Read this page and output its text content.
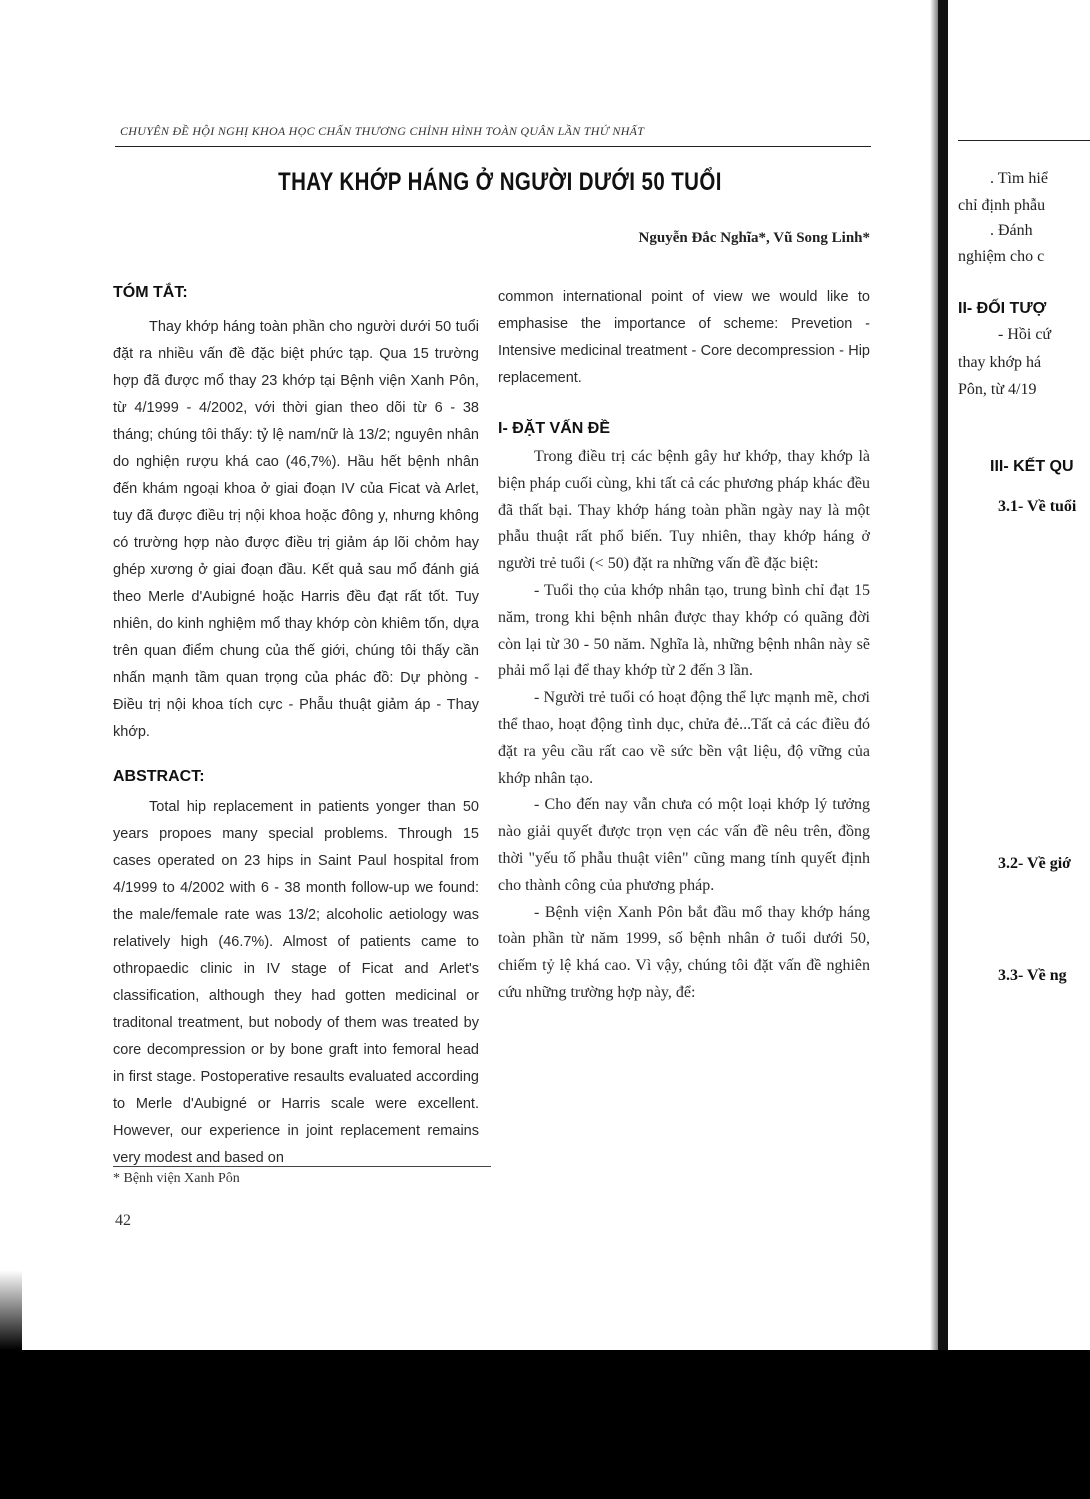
CHUYÊN ĐỀ HỘI NGHỊ KHOA HỌC CHẤN THƯƠNG CHỈNH HÌNH TOÀN QUÂN LẦN THỨ NHẤT
THAY KHỚP HÁNG Ở NGƯỜI DƯỚI 50 TUỔI
Nguyễn Đắc Nghĩa*, Vũ Song Linh*
TÓM TẮT:

Thay khớp háng toàn phần cho người dưới 50 tuổi đặt ra nhiều vấn đề đặc biệt phức tạp. Qua 15 trường hợp đã được mổ thay 23 khớp tại Bệnh viện Xanh Pôn, từ 4/1999 - 4/2002, với thời gian theo dõi từ 6 - 38 tháng; chúng tôi thấy: tỷ lệ nam/nữ là 13/2; nguyên nhân do nghiện rượu khá cao (46,7%). Hầu hết bệnh nhân đến khám ngoại khoa ở giai đoạn IV của Ficat và Arlet, tuy đã được điều trị nội khoa hoặc đông y, nhưng không có trường hợp nào được điều trị giảm áp lõi chỏm hay ghép xương ở giai đoạn đầu. Kết quả sau mổ đánh giá theo Merle d'Aubigné hoặc Harris đều đạt rất tốt. Tuy nhiên, do kinh nghiệm mổ thay khớp còn khiêm tốn, dựa trên quan điểm chung của thế giới, chúng tôi thấy cần nhấn mạnh tầm quan trọng của phác đồ: Dự phòng - Điều trị nội khoa tích cực - Phẫu thuật giảm áp - Thay khớp.

ABSTRACT:

Total hip replacement in patients yonger than 50 years propoes many special problems. Through 15 cases operated on 23 hips in Saint Paul hospital from 4/1999 to 4/2002 with 6 - 38 month follow-up we found: the male/female rate was 13/2; alcoholic aetiology was relatively high (46.7%). Almost of patients came to othropaedic clinic in IV stage of Ficat and Arlet's classification, although they had gotten medicinal or traditonal treatment, but nobody of them was treated by core decompression or by bone graft into femoral head in first stage. Postoperative resaults evaluated according to Merle d'Aubigné or Harris scale were excellent. However, our experience in joint replacement remains very modest and based on

* Bệnh viện Xanh Pôn
42

common international point of view we would like to emphasise the importance of scheme: Prevetion - Intensive medicinal treatment - Core decompression - Hip replacement.

I- ĐẶT VẤN ĐỀ

Trong điều trị các bệnh gây hư khớp, thay khớp là biện pháp cuối cùng, khi tất cả các phương pháp khác đều đã thất bại. Thay khớp háng toàn phần ngày nay là một phẫu thuật rất phổ biến. Tuy nhiên, thay khớp háng ở người trẻ tuổi (< 50) đặt ra những vấn đề đặc biệt:

- Tuổi thọ của khớp nhân tạo, trung bình chỉ đạt 15 năm, trong khi bệnh nhân được thay khớp có quãng đời còn lại từ 30 - 50 năm. Nghĩa là, những bệnh nhân này sẽ phải mổ lại để thay khớp từ 2 đến 3 lần.

- Người trẻ tuổi có hoạt động thể lực mạnh mẽ, chơi thể thao, hoạt động tình dục, chửa đẻ...Tất cả các điều đó đặt ra yêu cầu rất cao về sức bền vật liệu, độ vững của khớp nhân tạo.

- Cho đến nay vẫn chưa có một loại khớp lý tưởng nào giải quyết được trọn vẹn các vấn đề nêu trên, đồng thời "yếu tố phẫu thuật viên" cũng mang tính quyết định cho thành công của phương pháp.

- Bệnh viện Xanh Pôn bắt đầu mổ thay khớp háng toàn phần từ năm 1999, số bệnh nhân ở tuổi dưới 50, chiếm tỷ lệ khá cao. Vì vậy, chúng tôi đặt vấn đề nghiên cứu những trường hợp này, để:

. Tìm hiể
chỉ định phẫu
. Đánh
nghiệm cho c
II- ĐỐI TƯỢ
- Hồi cứ
thay khớp há
Pôn, từ 4/19
III- KẾT QU
3.1- Về tuổi
3.2- Về giớ
3.3- Về ng
